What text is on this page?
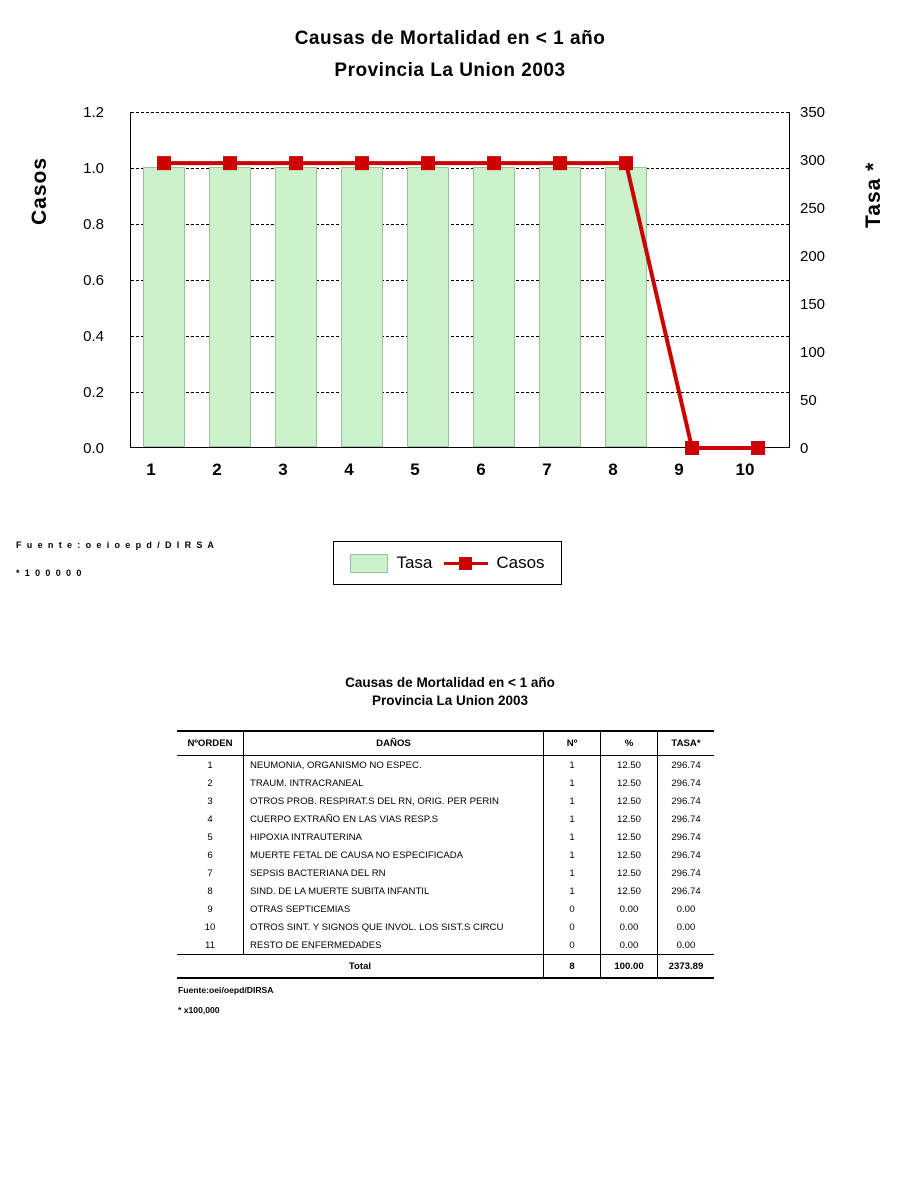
Causas de Mortalidad en < 1 año
Provincia La Union 2003
Casos	Tasa *
1.2
1.0
0.8
0.6
0.4
0.2
0.0
350
300
250
200
150
100
50
0
1	2	3	4	5	6	7	8	9	10
F u e n t e : o e i o e p d / D I R S A
* 1 0 0 0 0 0
Tasa	Casos
Causas de Mortalidad en < 1 año
Provincia La Union 2003
NºORDEN	DAÑOS	Nº	%	TASA*
1	NEUMONIA, ORGANISMO NO ESPEC.	1	12.50	296.74
2	TRAUM. INTRACRANEAL	1	12.50	296.74
3	OTROS PROB. RESPIRAT.S DEL RN, ORIG. PER PERIN	1	12.50	296.74
4	CUERPO EXTRAÑO EN LAS VIAS RESP.S	1	12.50	296.74
5	HIPOXIA INTRAUTERINA	1	12.50	296.74
6	MUERTE FETAL DE CAUSA NO ESPECIFICADA	1	12.50	296.74
7	SEPSIS BACTERIANA DEL RN	1	12.50	296.74
8	SIND. DE LA MUERTE SUBITA INFANTIL	1	12.50	296.74
9	OTRAS SEPTICEMIAS	0	0.00	0.00
10	OTROS SINT. Y SIGNOS QUE INVOL. LOS SIST.S CIRCU	0	0.00	0.00
11	RESTO DE ENFERMEDADES	0	0.00	0.00
Total		8	100.00	2373.89
Fuente:oei/oepd/DIRSA
* x100,000
